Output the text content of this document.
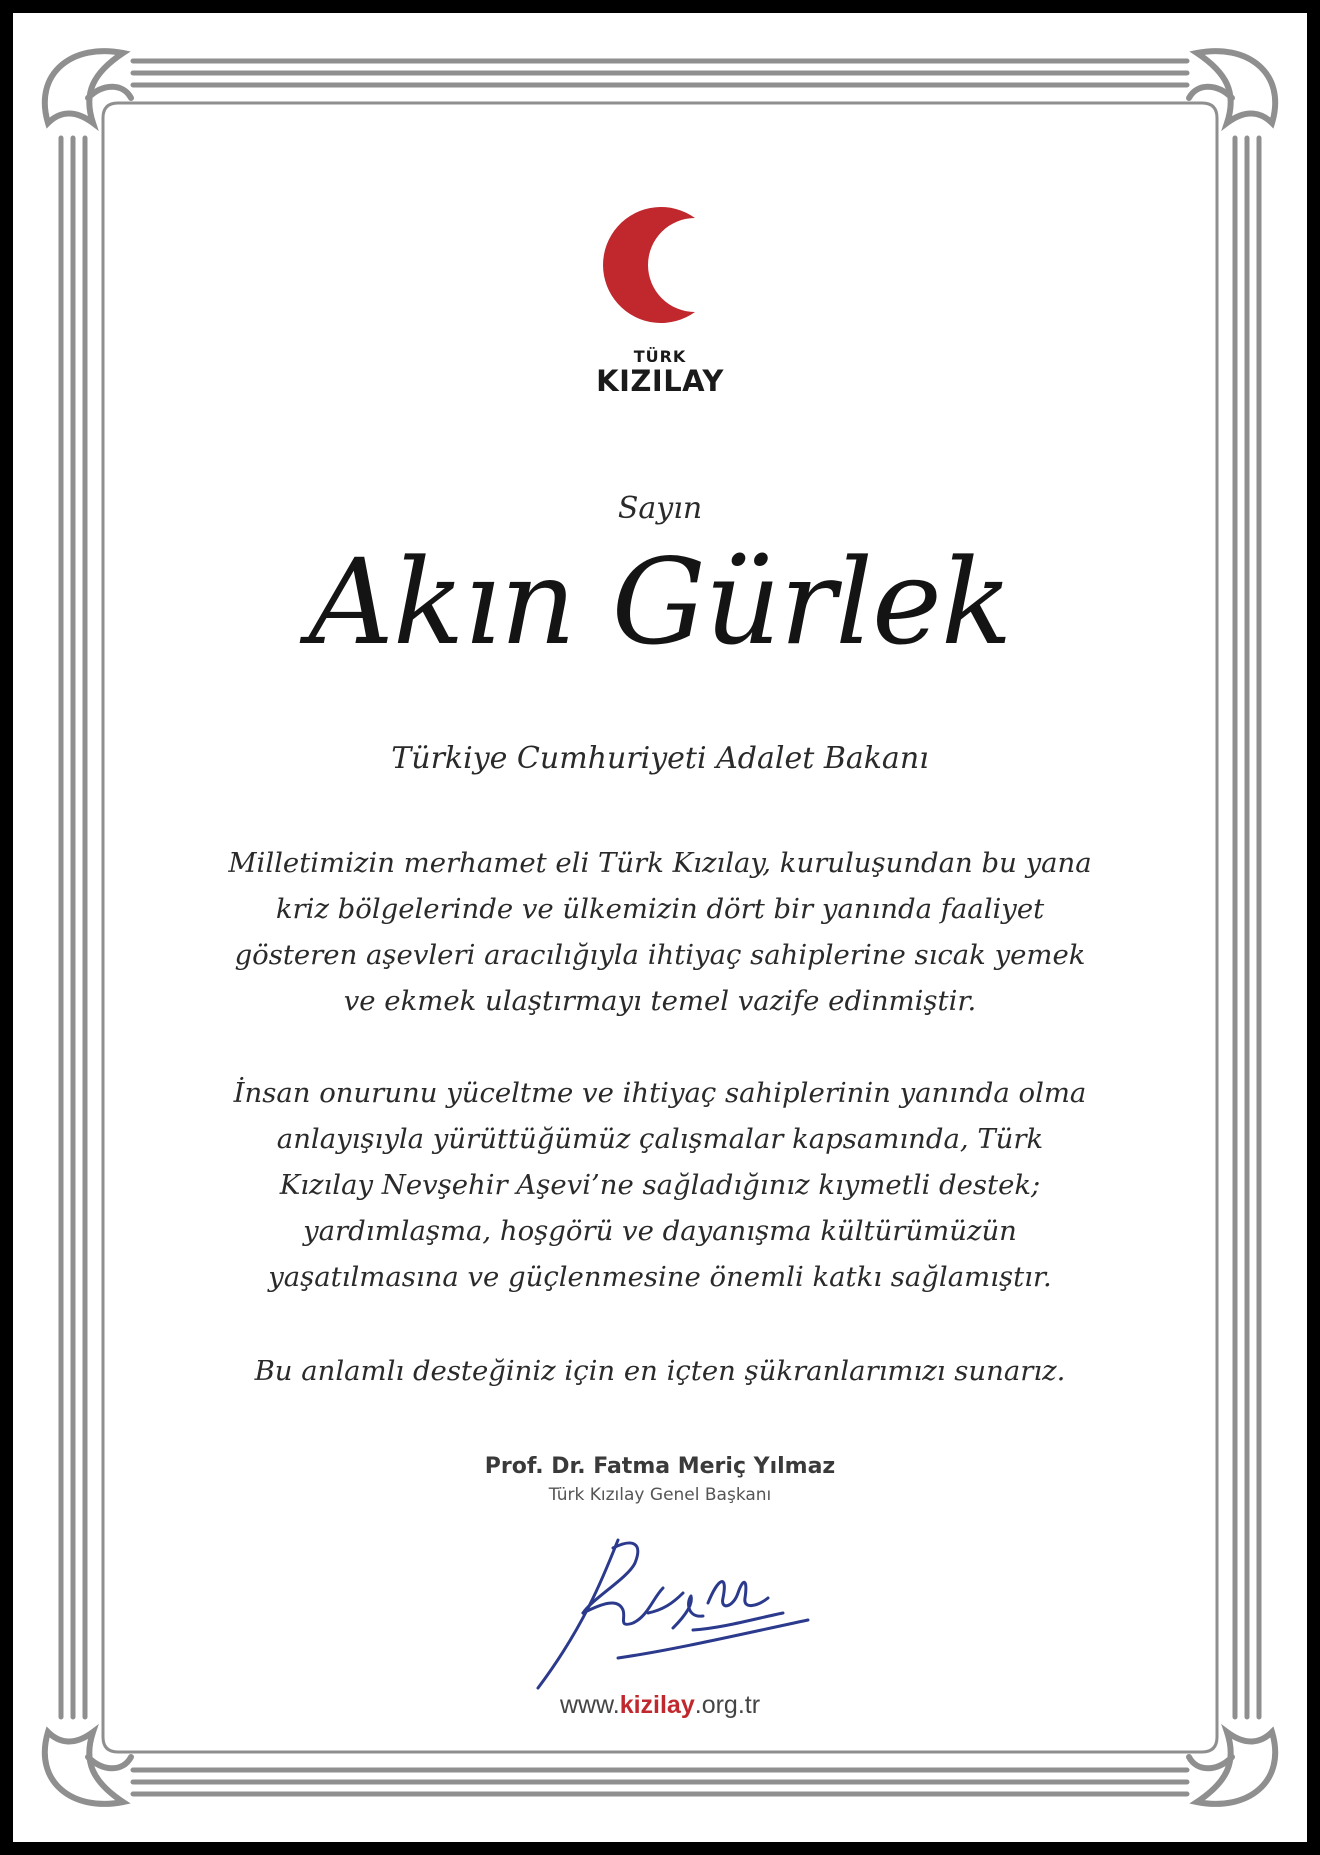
TÜRK
KIZILAY
Sayın
Akın Gürlek
Türkiye Cumhuriyeti Adalet Bakanı
Milletimizin merhamet eli Türk Kızılay, kuruluşundan bu yana
kriz bölgelerinde ve ülkemizin dört bir yanında faaliyet
gösteren aşevleri aracılığıyla ihtiyaç sahiplerine sıcak yemek
ve ekmek ulaştırmayı temel vazife edinmiştir.
İnsan onurunu yüceltme ve ihtiyaç sahiplerinin yanında olma
anlayışıyla yürüttüğümüz çalışmalar kapsamında, Türk
Kızılay Nevşehir Aşevi’ne sağladığınız kıymetli destek;
yardımlaşma, hoşgörü ve dayanışma kültürümüzün
yaşatılmasına ve güçlenmesine önemli katkı sağlamıştır.
Bu anlamlı desteğiniz için en içten şükranlarımızı sunarız.
Prof. Dr. Fatma Meriç Yılmaz
Türk Kızılay Genel Başkanı
www.kizilay.org.tr
